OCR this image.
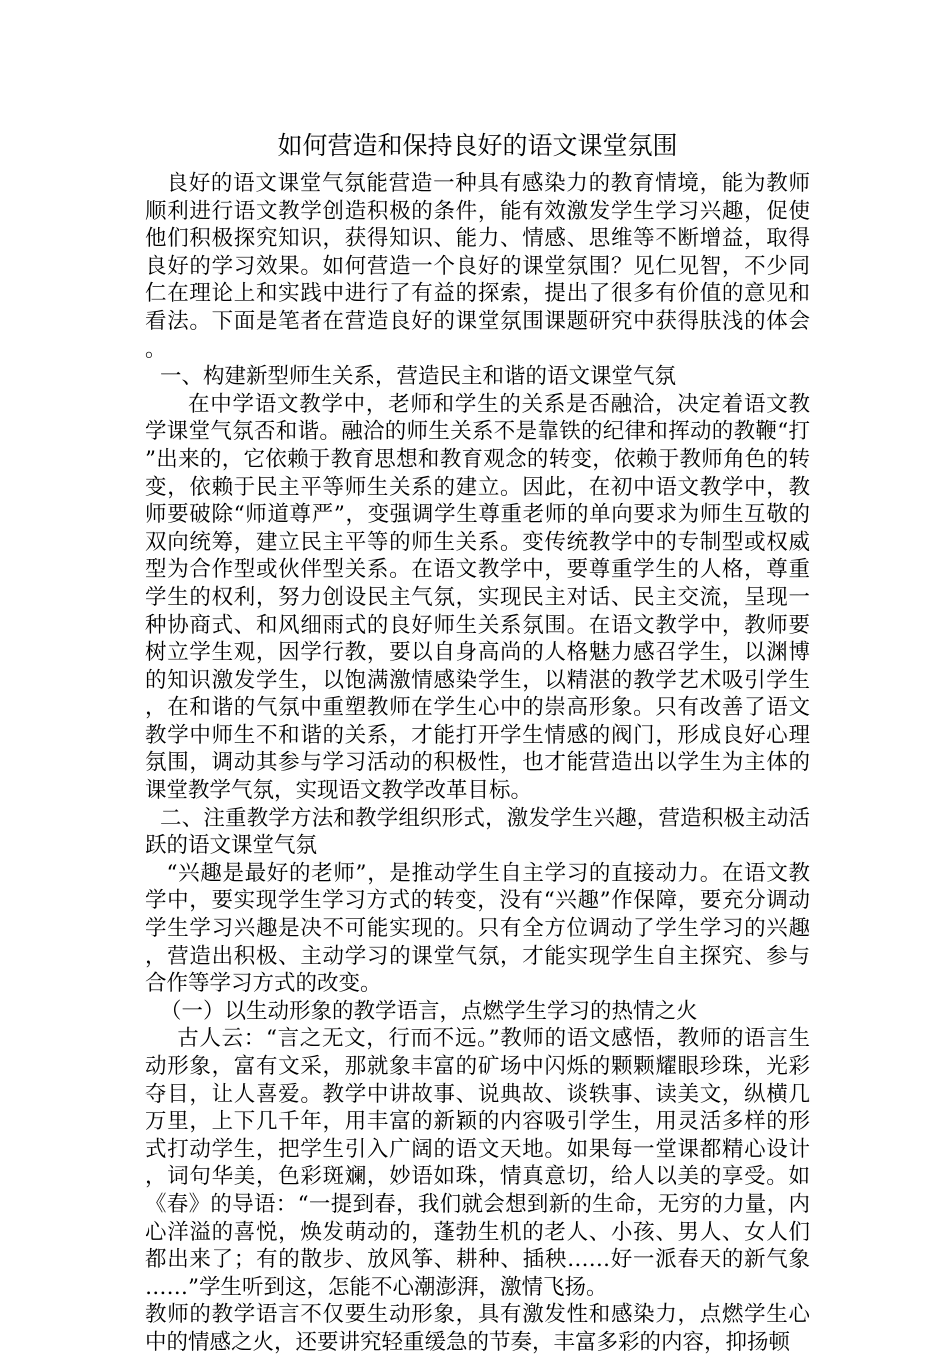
如何营造和保持良好的语文课堂氛围

良好的语文课堂气氛能营造一种具有感染力的教育情境，能为教师顺利进行语文教学创造积极的条件，能有效激发学生学习兴趣，促使他们积极探究知识，获得知识、能力、情感、思维等不断增益，取得良好的学习效果。如何营造一个良好的课堂氛围？见仁见智，不少同仁在理论上和实践中进行了有益的探索，提出了很多有价值的意见和看法。下面是笔者在营造良好的课堂氛围课题研究中获得肤浅的体会。

一、构建新型师生关系，营造民主和谐的语文课堂气氛

在中学语文教学中，老师和学生的关系是否融洽，决定着语文教学课堂气氛否和谐。融洽的师生关系不是靠铁的纪律和挥动的教鞭“打”出来的，它依赖于教育思想和教育观念的转变，依赖于教师角色的转变，依赖于民主平等师生关系的建立。因此，在初中语文教学中，教师要破除“师道尊严”，变强调学生尊重老师的单向要求为师生互敬的双向统筹，建立民主平等的师生关系。变传统教学中的专制型或权威型为合作型或伙伴型关系。在语文教学中，要尊重学生的人格，尊重学生的权利，努力创设民主气氛，实现民主对话、民主交流，呈现一种协商式、和风细雨式的良好师生关系氛围。在语文教学中，教师要树立学生观，因学行教，要以自身高尚的人格魅力感召学生，以渊博的知识激发学生，以饱满激情感染学生，以精湛的教学艺术吸引学生，在和谐的气氛中重塑教师在学生心中的崇高形象。只有改善了语文教学中师生不和谐的关系，才能打开学生情感的阀门，形成良好心理氛围，调动其参与学习活动的积极性，也才能营造出以学生为主体的课堂教学气氛，实现语文教学改革目标。

二、注重教学方法和教学组织形式，激发学生兴趣，营造积极主动活跃的语文课堂气氛

“兴趣是最好的老师”，是推动学生自主学习的直接动力。在语文教学中，要实现学生学习方式的转变，没有“兴趣”作保障，要充分调动学生学习兴趣是决不可能实现的。只有全方位调动了学生学习的兴趣，营造出积极、主动学习的课堂气氛，才能实现学生自主探究、参与合作等学习方式的改变。

（一）以生动形象的教学语言，点燃学生学习的热情之火

古人云：“言之无文，行而不远。”教师的语文感悟，教师的语言生动形象，富有文采，那就象丰富的矿场中闪烁的颗颗耀眼珍珠，光彩夺目，让人喜爱。教学中讲故事、说典故、谈轶事、读美文，纵横几万里，上下几千年，用丰富的新颖的内容吸引学生，用灵活多样的形式打动学生，把学生引入广阔的语文天地。如果每一堂课都精心设计，词句华美，色彩斑斓，妙语如珠，情真意切，给人以美的享受。如《春》的导语：“一提到春，我们就会想到新的生命，无穷的力量，内心洋溢的喜悦，焕发萌动的，蓬勃生机的老人、小孩、男人、女人们都出来了；有的散步、放风筝、耕种、插秧……好一派春天的新气象……”学生听到这，怎能不心潮澎湃，激情飞扬。

教师的教学语言不仅要生动形象，具有激发性和感染力，点燃学生心中的情感之火，还要讲究轻重缓急的节奏，丰富多彩的内容，抑扬顿
